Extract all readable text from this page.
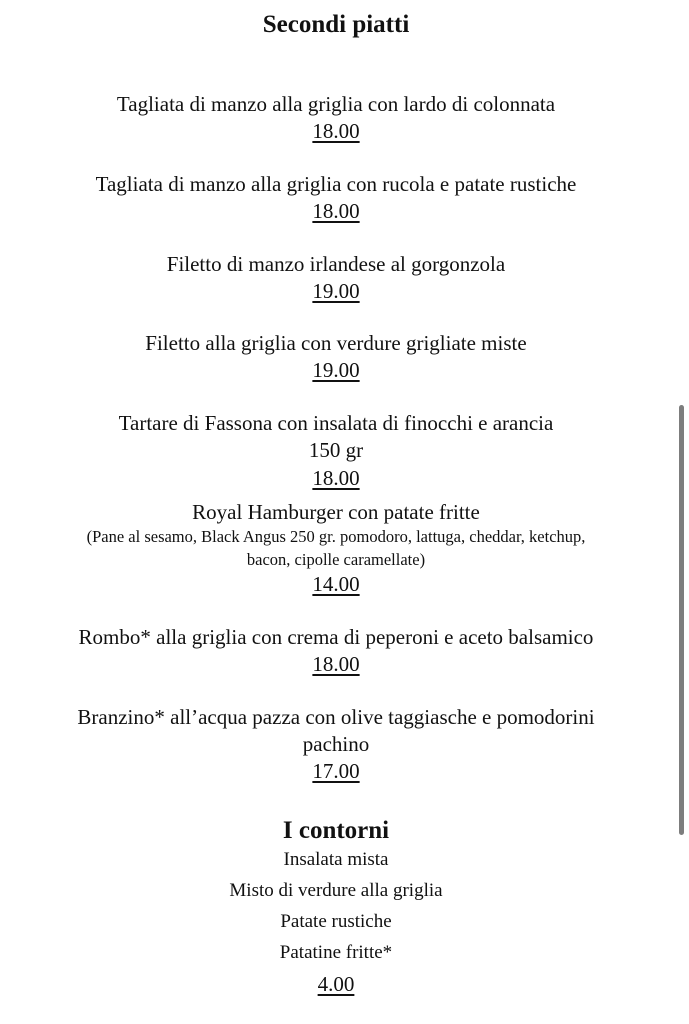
Secondi piatti
Tagliata di manzo alla griglia con lardo di colonnata
18.00
Tagliata di manzo alla griglia con rucola e patate rustiche
18.00
Filetto di manzo irlandese al gorgonzola
19.00
Filetto alla griglia con verdure grigliate miste
19.00
Tartare di Fassona con insalata di finocchi e arancia
150 gr
18.00
Royal Hamburger con patate fritte
(Pane al sesamo, Black Angus 250 gr. pomodoro, lattuga, cheddar, ketchup,
bacon, cipolle caramellate)
14.00
Rombo* alla griglia con crema di peperoni e aceto balsamico
18.00
Branzino* all’acqua pazza con olive taggiasche e pomodorini
pachino
17.00
I contorni
Insalata mista
Misto di verdure alla griglia
Patate rustiche
Patatine fritte*
4.00
